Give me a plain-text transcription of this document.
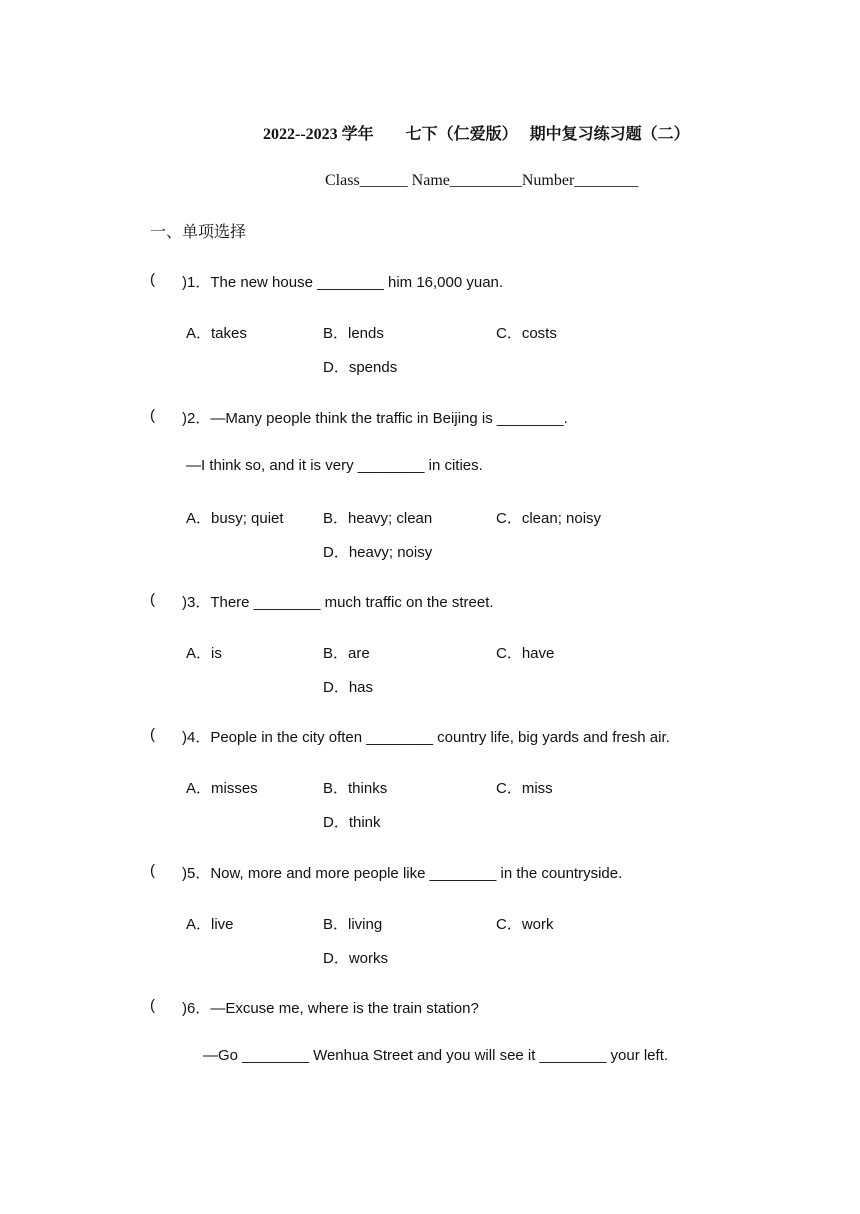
2022--2023 学年        七下（仁爱版）   期中复习练习题（二）
Class______ Name_________Number________
一、单项选择
( )1．The new house ________ him 16,000 yuan.
A．takes	B．lends	C．costs
D．spends
( )2．—Many people think the traffic in Beijing is ________.
—I think so, and it is very ________ in cities.
A．busy; quiet	B．heavy; clean	C．clean; noisy
D．heavy; noisy
( )3．There ________ much traffic on the street.
A．is	B．are	C．have
D．has
( )4．People in the city often ________ country life, big yards and fresh air.
A．misses	B．thinks	C．miss
D．think
( )5．Now, more and more people like ________ in the countryside.
A．live	B．living	C．work
D．works
( )6．—Excuse me, where is the train station?
—Go ________ Wenhua Street and you will see it ________ your left.
